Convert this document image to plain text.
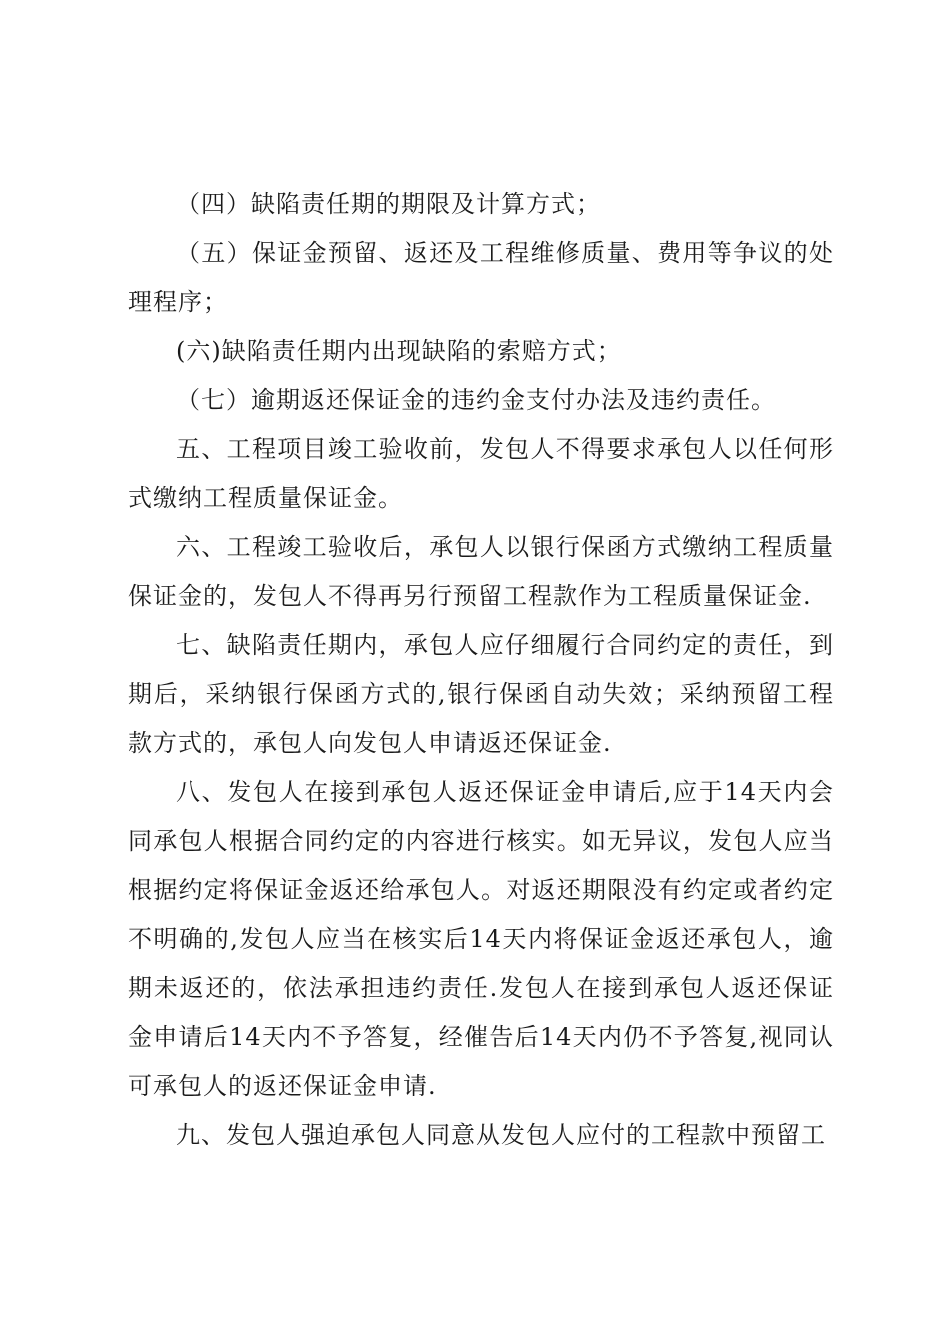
（四）缺陷责任期的期限及计算方式；

（五）保证金预留、返还及工程维修质量、费用等争议的处理程序；

(六)缺陷责任期内出现缺陷的索赔方式；

（七）逾期返还保证金的违约金支付办法及违约责任。

五、工程项目竣工验收前，发包人不得要求承包人以任何形式缴纳工程质量保证金。

六、工程竣工验收后，承包人以银行保函方式缴纳工程质量保证金的，发包人不得再另行预留工程款作为工程质量保证金.

七、缺陷责任期内，承包人应仔细履行合同约定的责任，到期后，采纳银行保函方式的,银行保函自动失效；采纳预留工程款方式的，承包人向发包人申请返还保证金.

八、发包人在接到承包人返还保证金申请后,应于14天内会同承包人根据合同约定的内容进行核实。如无异议，发包人应当根据约定将保证金返还给承包人。对返还期限没有约定或者约定不明确的,发包人应当在核实后14天内将保证金返还承包人，逾期未返还的，依法承担违约责任.发包人在接到承包人返还保证金申请后14天内不予答复，经催告后14天内仍不予答复,视同认可承包人的返还保证金申请.

九、发包人强迫承包人同意从发包人应付的工程款中预留工
